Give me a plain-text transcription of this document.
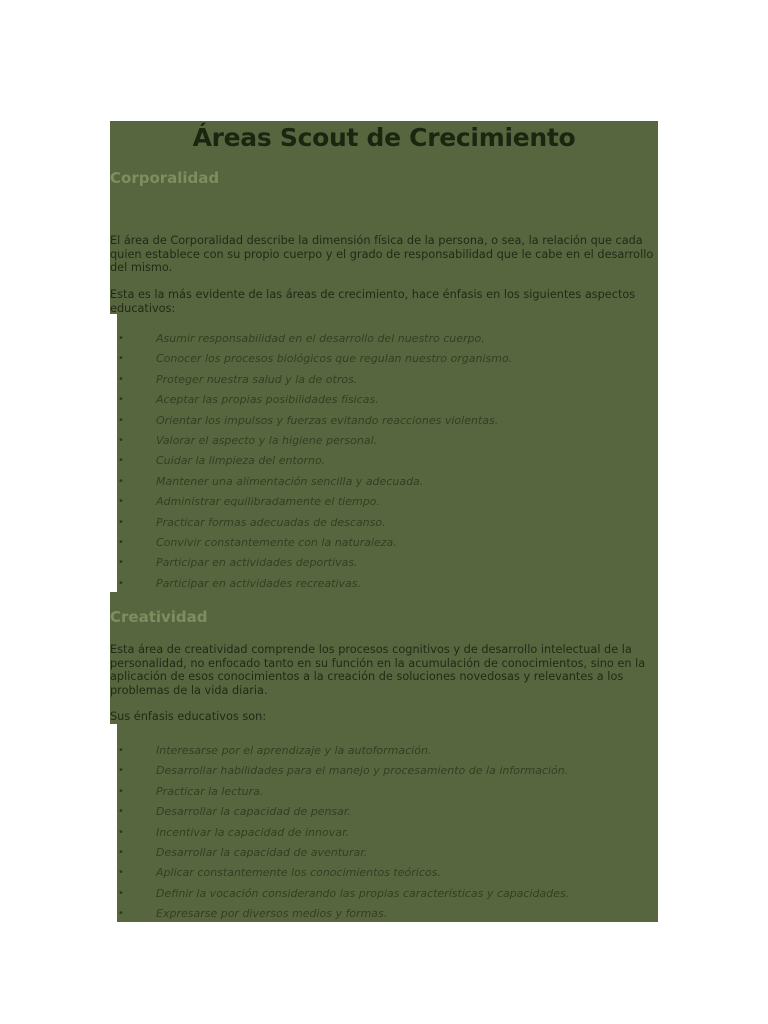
Áreas Scout de Crecimiento
Corporalidad

El área de Corporalidad describe la dimensión física de la persona, o sea, la relación que cada quien establece con su propio cuerpo y el grado de responsabilidad que le cabe en el desarrollo del mismo.

Esta es la más evidente de las áreas de crecimiento, hace énfasis en los siguientes aspectos educativos:

•	Asumir responsabilidad en el desarrollo del nuestro cuerpo.
•	Conocer los procesos biológicos que regulan nuestro organismo.
•	Proteger nuestra salud y la de otros.
•	Aceptar las propias posibilidades físicas.
•	Orientar los impulsos y fuerzas evitando reacciones violentas.
•	Valorar el aspecto y la higiene personal.
•	Cuidar la limpieza del entorno.
•	Mantener una alimentación sencilla y adecuada.
•	Administrar equilibradamente el tiempo.
•	Practicar formas adecuadas de descanso.
•	Convivir constantemente con la naturaleza.
•	Participar en actividades deportivas.
•	Participar en actividades recreativas.
Creatividad

Esta área de creatividad comprende los procesos cognitivos y de desarrollo intelectual de la personalidad, no enfocado tanto en su función en la acumulación de conocimientos, sino en la aplicación de esos conocimientos a la creación de soluciones novedosas y relevantes a los problemas de la vida diaria.

Sus énfasis educativos son:

•	Interesarse por el aprendizaje y la autoformación.
•	Desarrollar habilidades para el manejo y procesamiento de la información.
•	Practicar la lectura.
•	Desarrollar la capacidad de pensar.
•	Incentivar la capacidad de innovar.
•	Desarrollar la capacidad de aventurar.
•	Aplicar constantemente los conocimientos teóricos.
•	Definir la vocación considerando las propias características y capacidades.
•	Expresarse por diversos medios y formas.
